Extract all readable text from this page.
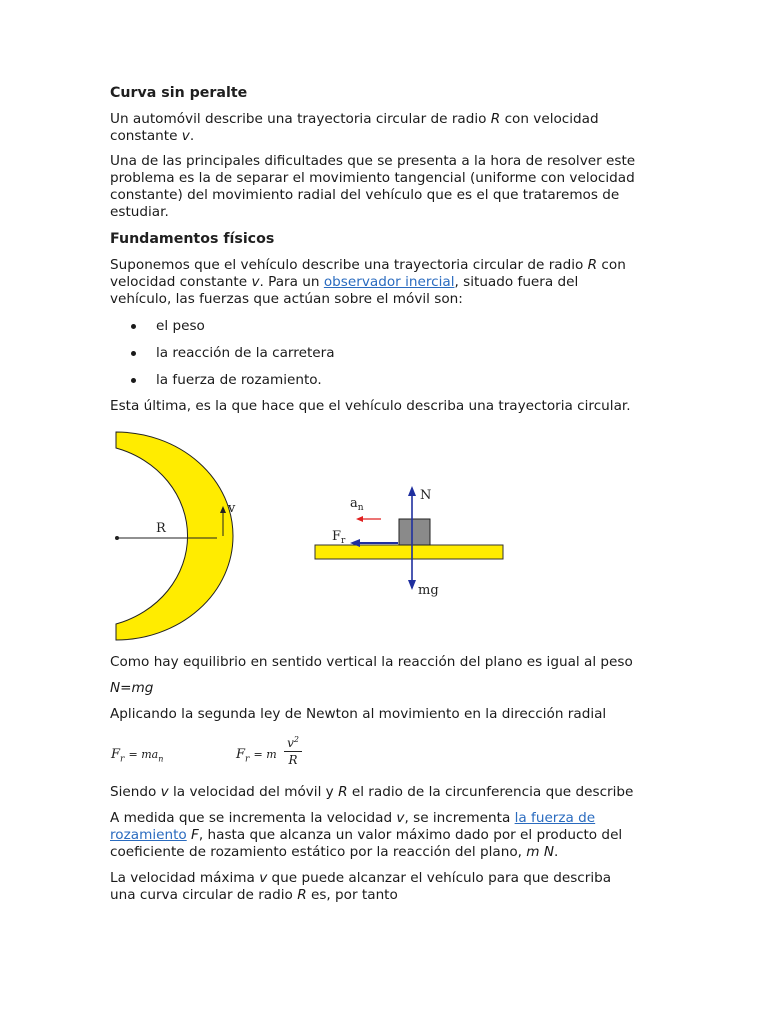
Curva sin peralte

Un automóvil describe una trayectoria circular de radio R con velocidad
constante v.

Una de las principales dificultades que se presenta a la hora de resolver este
problema es la de separar el movimiento tangencial (uniforme con velocidad
constante) del movimiento radial del vehículo que es el que trataremos de
estudiar.

Fundamentos físicos

Suponemos que el vehículo describe una trayectoria circular de radio R con
velocidad constante v. Para un observador inercial, situado fuera del
vehículo, las fuerzas que actúan sobre el móvil son:

el peso
la reacción de la carretera
la fuerza de rozamiento.

Esta última, es la que hace que el vehículo describa una trayectoria circular.

R
v
N
mg
$F_r$
$a_n$

Como hay equilibrio en sentido vertical la reacción del plano es igual al peso

N=mg

Aplicando la segunda ley de Newton al movimiento en la dirección radial

$F_r = ma_n$	$F_r = m$
$v^2$
R

Siendo v la velocidad del móvil y R el radio de la circunferencia que describe

A medida que se incrementa la velocidad v, se incrementa la fuerza de
rozamiento F, hasta que alcanza un valor máximo dado por el producto del
coeficiente de rozamiento estático por la reacción del plano, m N.

La velocidad máxima v que puede alcanzar el vehículo para que describa
una curva circular de radio R es, por tanto
